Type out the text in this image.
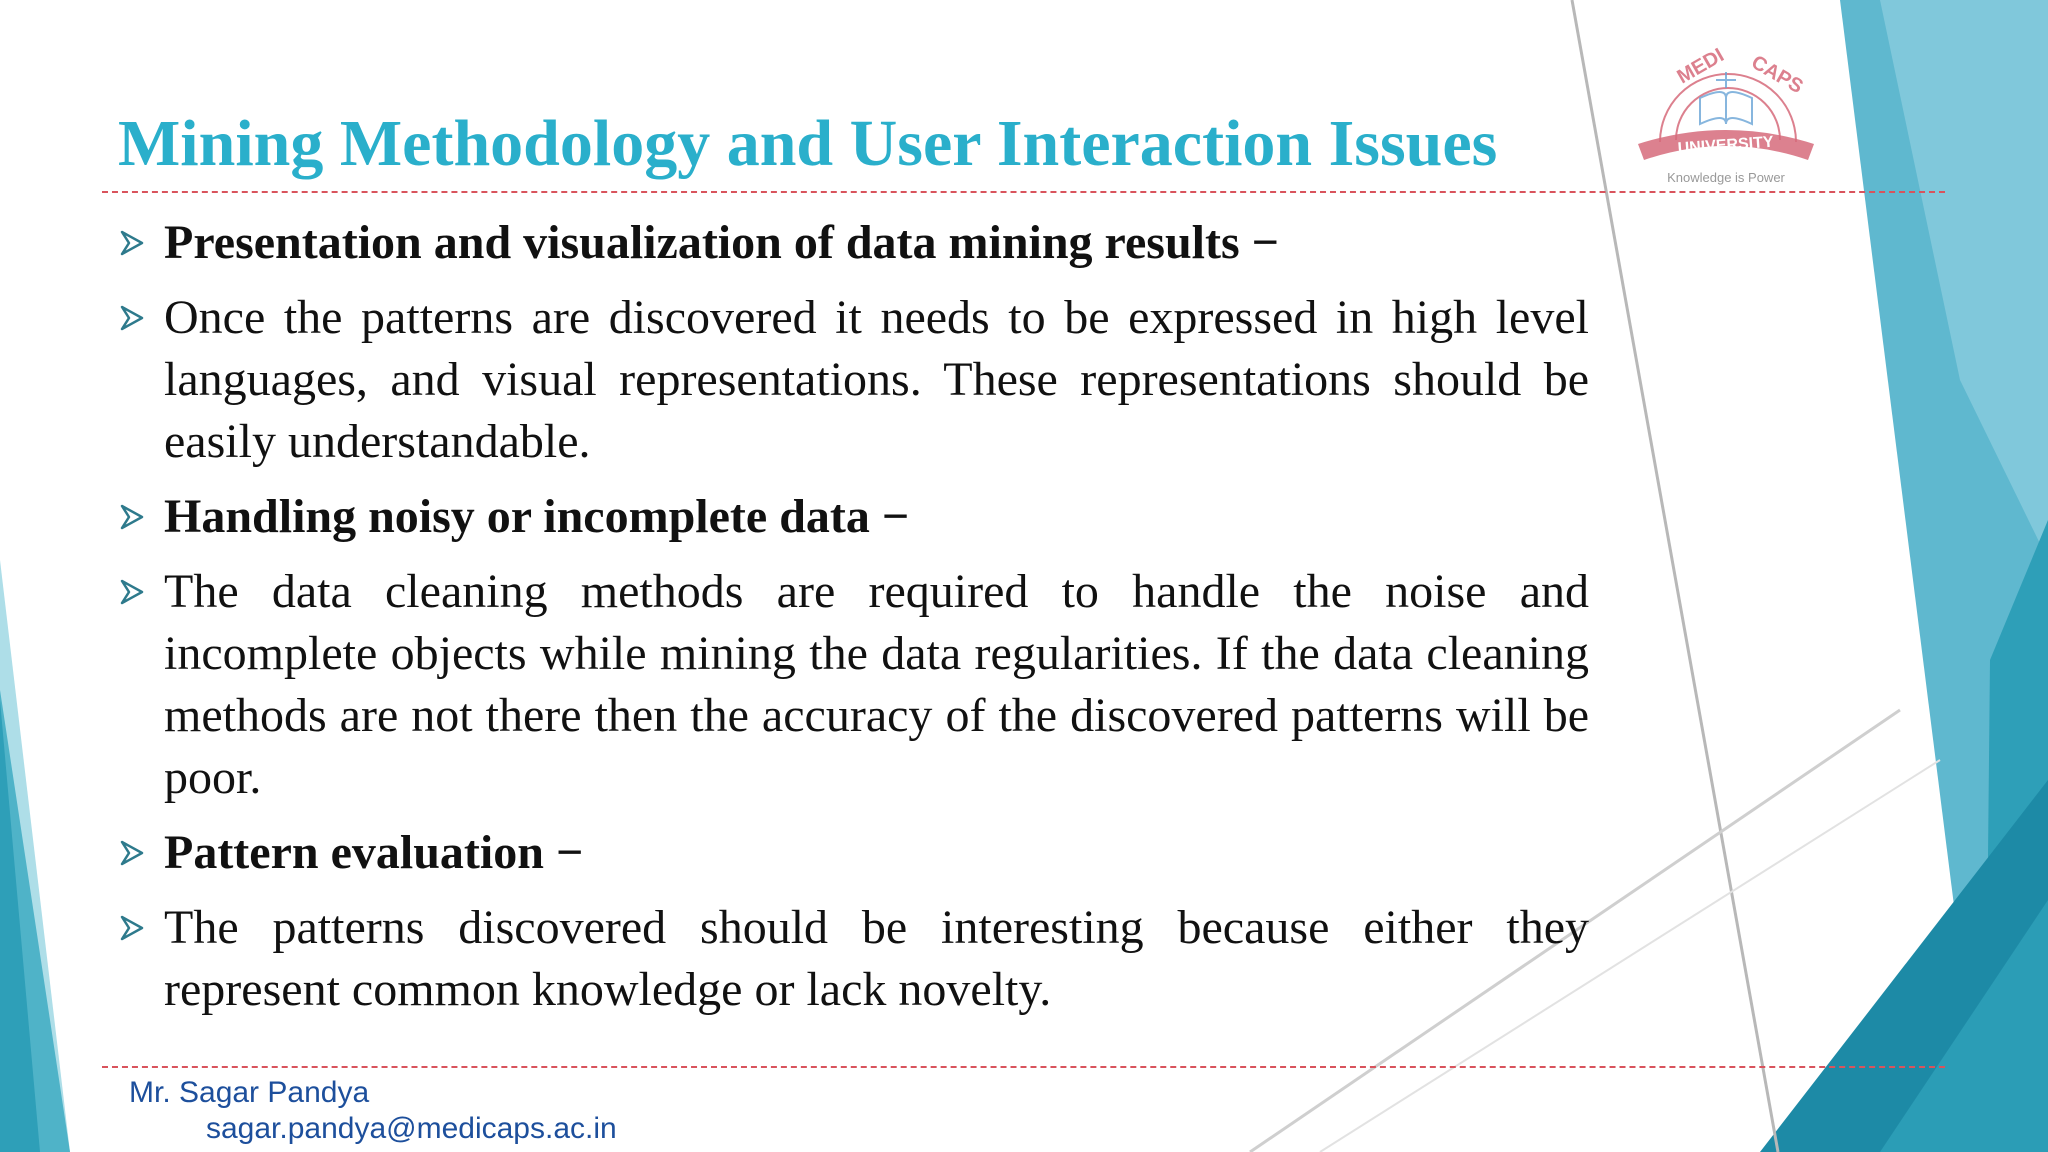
MEDI CAPS
UNIVERSITY
Knowledge is Power
Mining Methodology and User Interaction Issues
Presentation and visualization of data mining results −
Once the patterns are discovered it needs to be expressed in high level languages, and visual representations. These representations should be easily understandable.
Handling noisy or incomplete data −
The data cleaning methods are required to handle the noise and incomplete objects while mining the data regularities. If the data cleaning methods are not there then the accuracy of the discovered patterns will be poor.
Pattern evaluation −
The patterns discovered should be interesting because either they represent common knowledge or lack novelty.
Mr. Sagar Pandya
sagar.pandya@medicaps.ac.in
